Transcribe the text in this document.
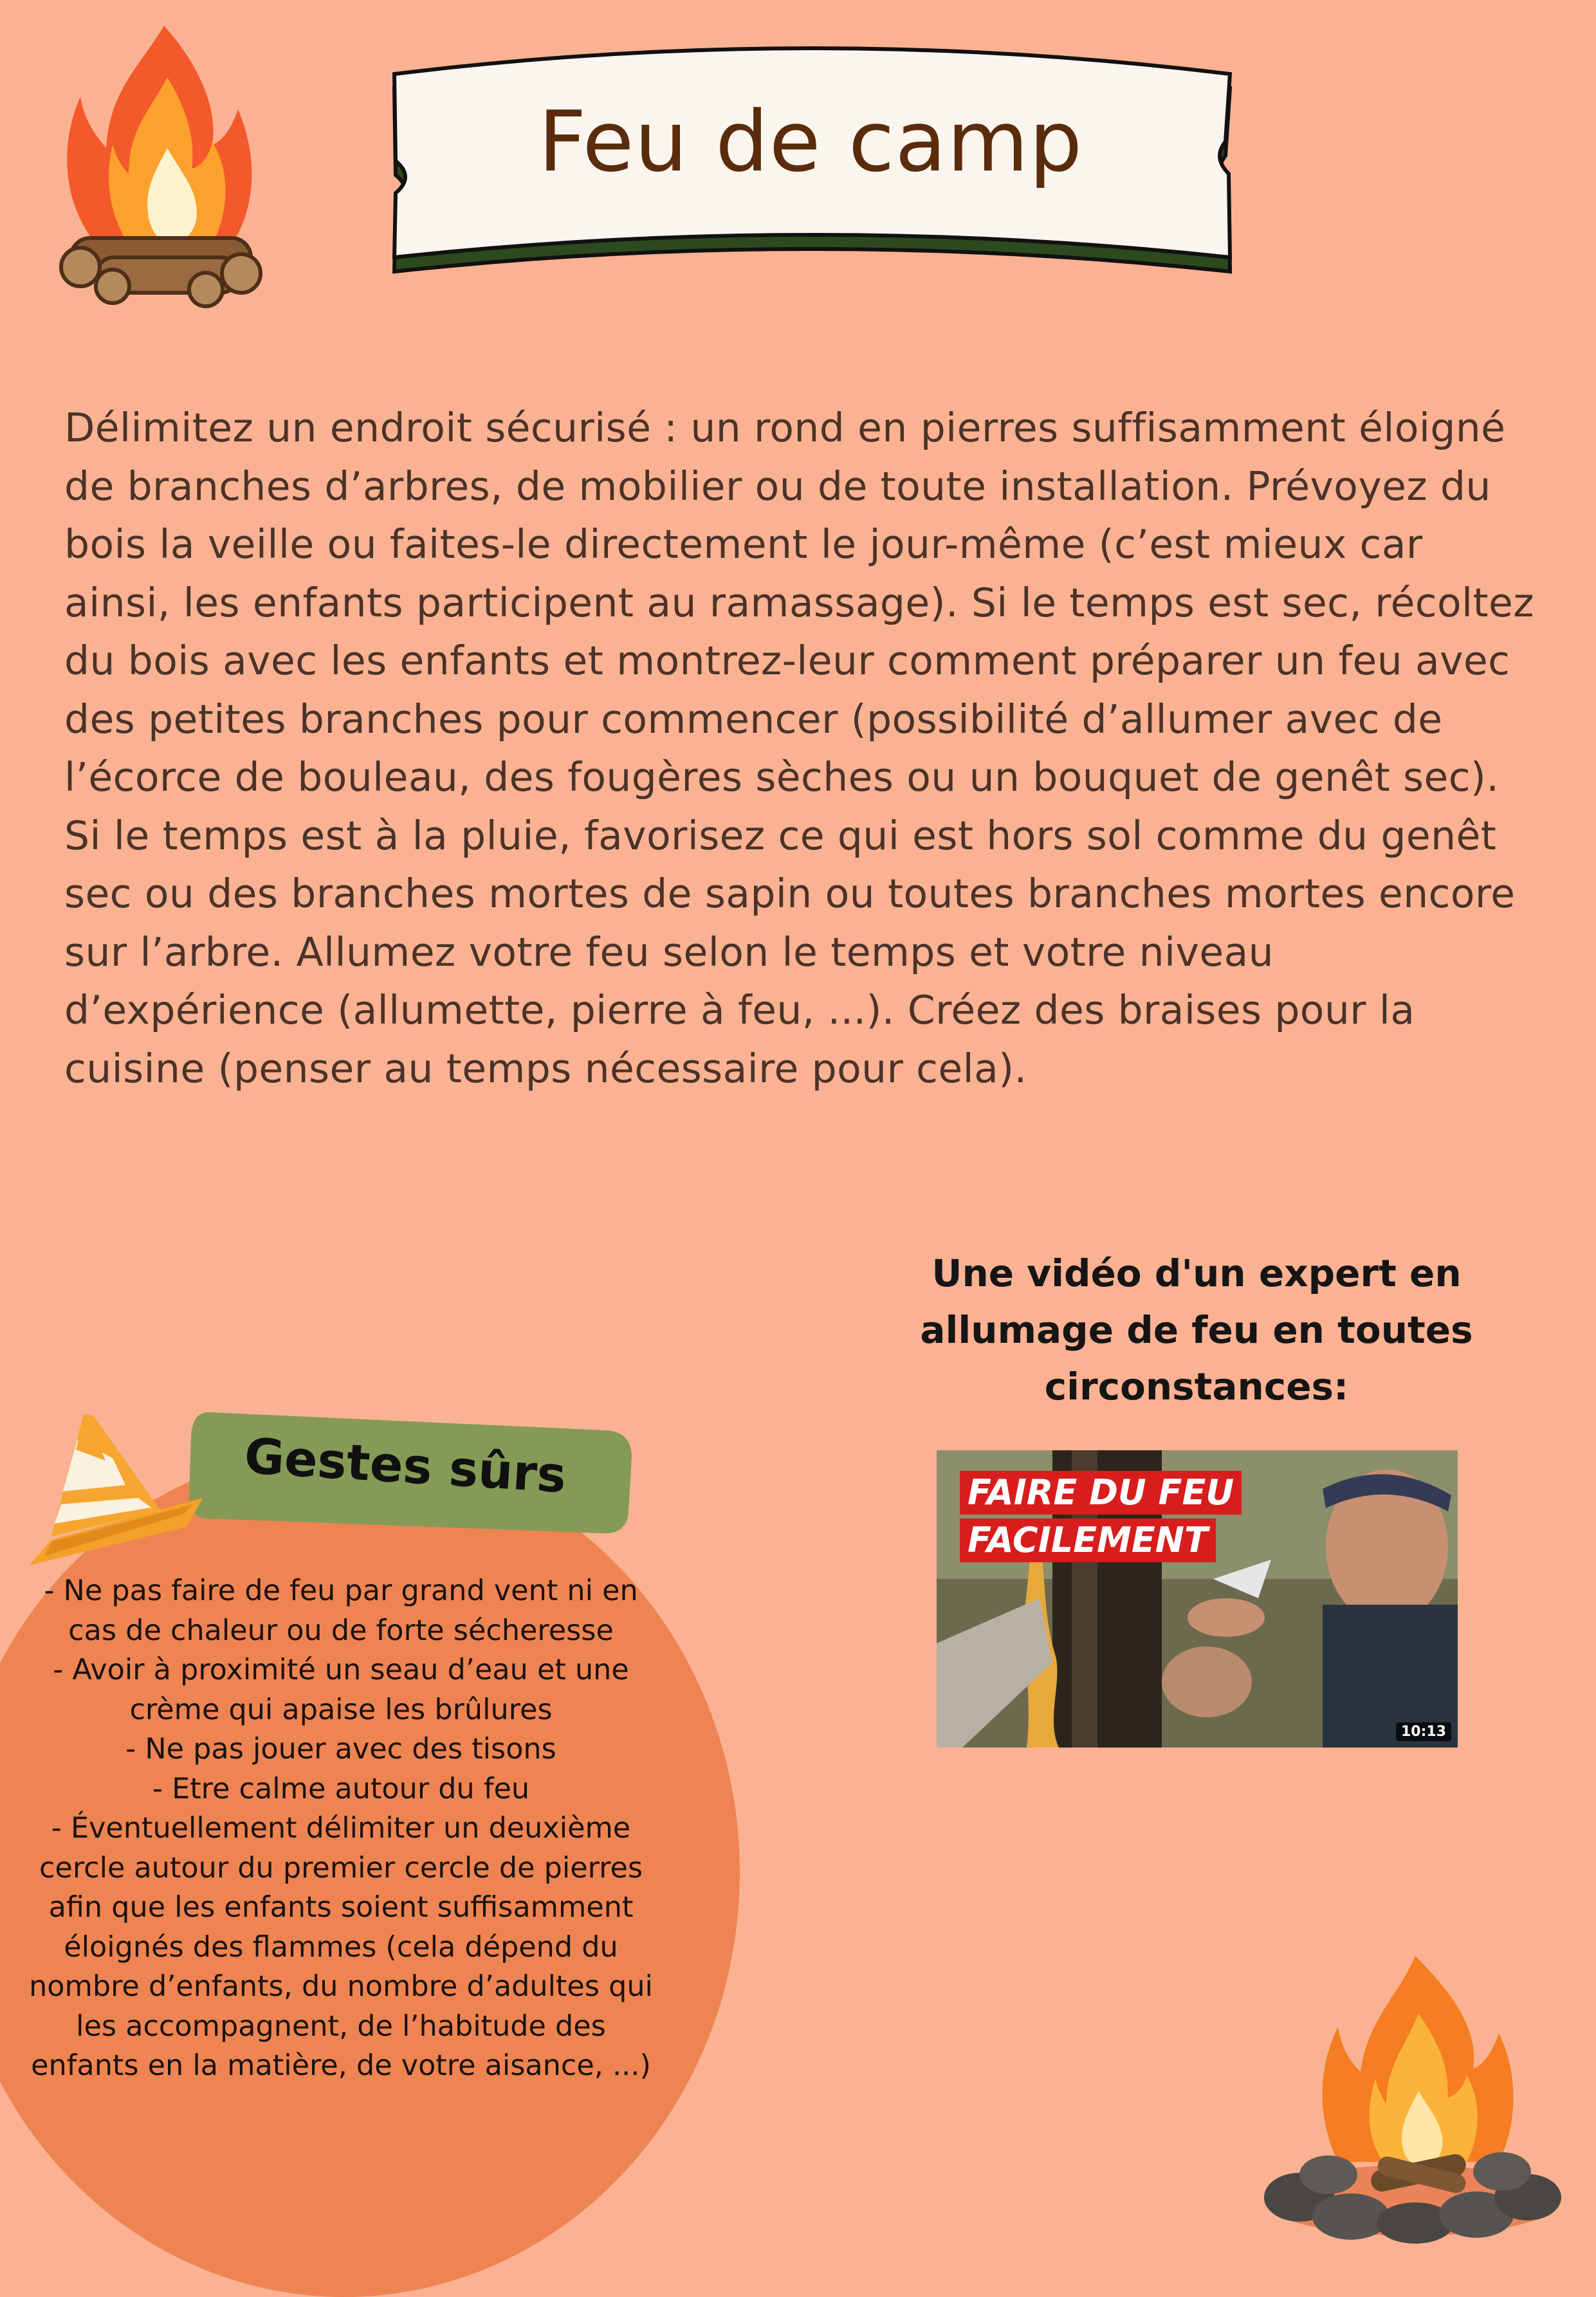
Feu de camp

Délimitez un endroit sécurisé : un rond en pierres suffisamment éloigné de branches d’arbres, de mobilier ou de toute installation. Prévoyez du bois la veille ou faites-le directement le jour-même (c’est mieux car ainsi, les enfants participent au ramassage). Si le temps est sec, récoltez du bois avec les enfants et montrez-leur comment préparer un feu avec des petites branches pour commencer (possibilité d’allumer avec de l’écorce de bouleau, des fougères sèches ou un bouquet de genêt sec). Si le temps est à la pluie, favorisez ce qui est hors sol comme du genêt sec ou des branches mortes de sapin ou toutes branches mortes encore sur l’arbre. Allumez votre feu selon le temps et votre niveau d’expérience (allumette, pierre à feu, ...). Créez des braises pour la cuisine (penser au temps nécessaire pour cela).

Une vidéo d'un expert en allumage de feu en toutes circonstances:
FAIRE DU FEU
FACILEMENT
10:13
Gestes sûrs
- Ne pas faire de feu par grand vent ni en cas de chaleur ou de forte sécheresse
- Avoir à proximité un seau d’eau et une crème qui apaise les brûlures
- Ne pas jouer avec des tisons
- Etre calme autour du feu
- Éventuellement délimiter un deuxième cercle autour du premier cercle de pierres afin que les enfants soient suffisamment éloignés des flammes (cela dépend du nombre d’enfants, du nombre d’adultes qui les accompagnent, de l’habitude des enfants en la matière, de votre aisance, ...)
